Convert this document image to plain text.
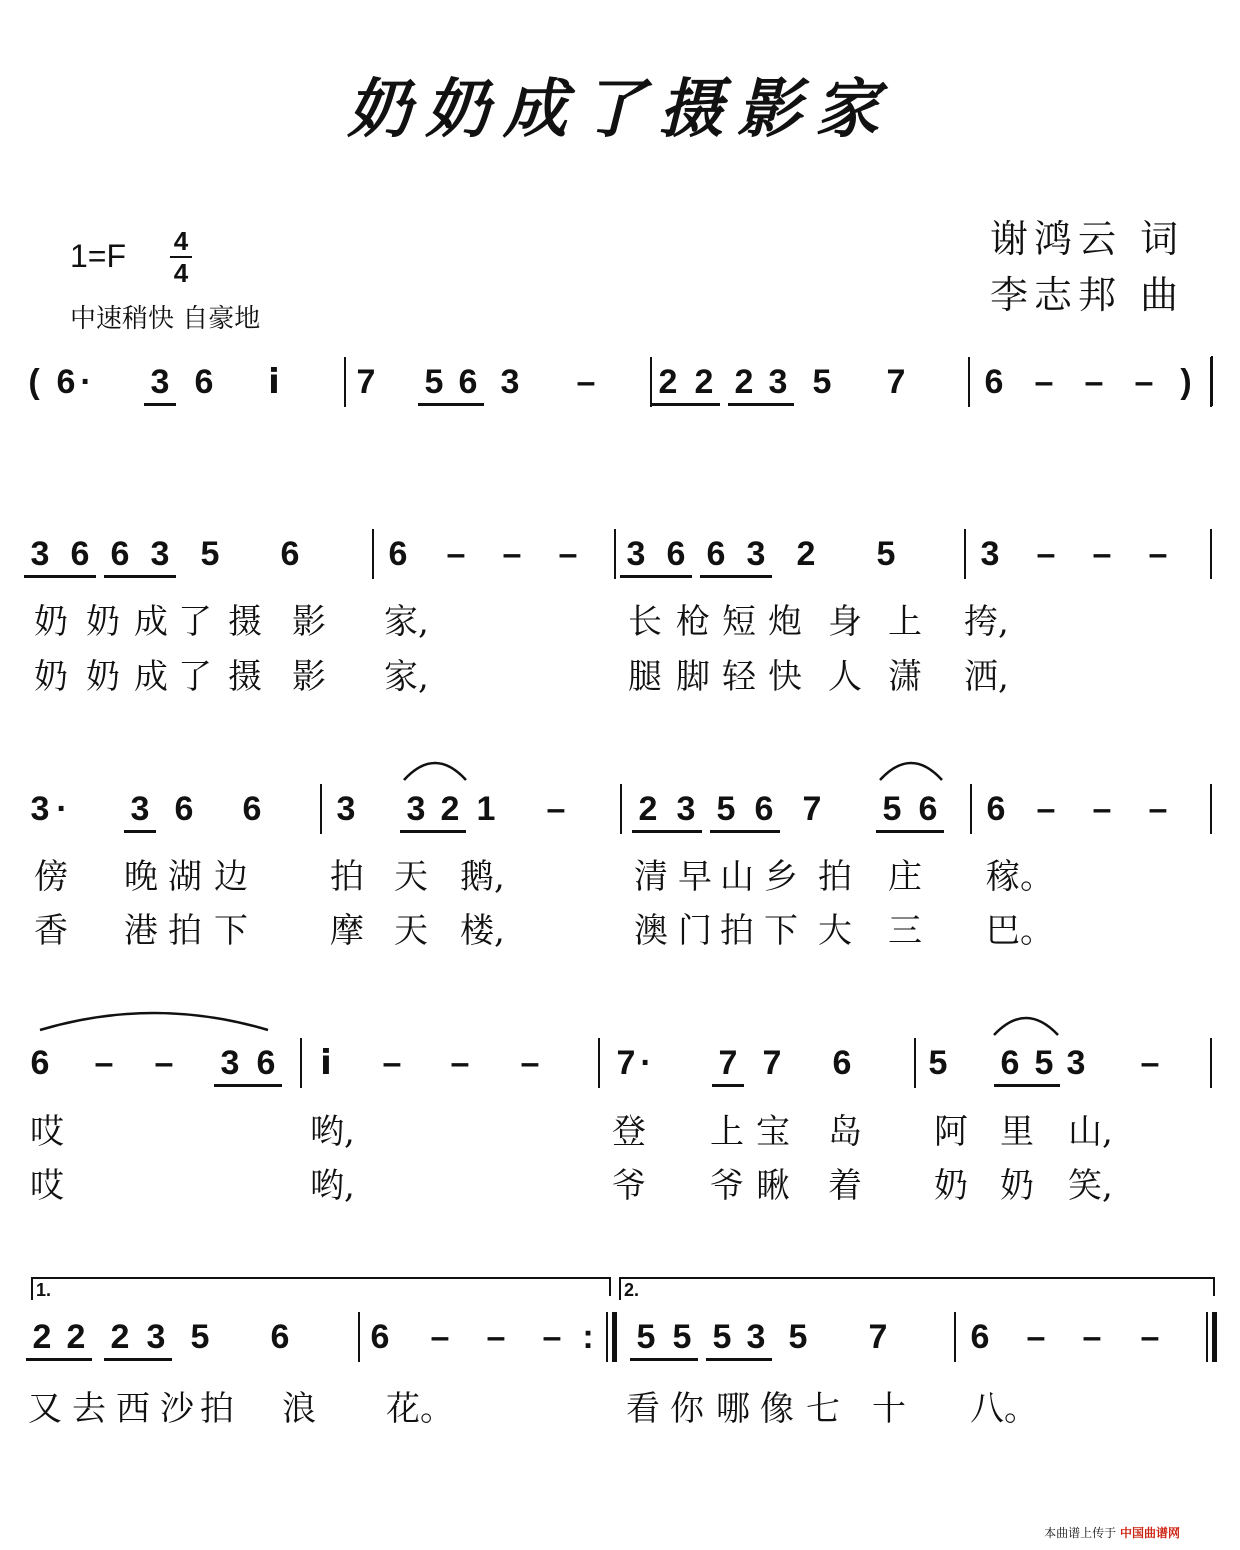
奶奶成了摄影家
谢鸿云 词
李志邦 曲
1=F 4
4
中速稍快 自豪地
1.	2.
( 6 ·	3 6	i	7 5 6 3 – 2 2 2 3 5 7 6 – – – )
3 6 6 3 5 6	6 – – – 3 6 6 3 2 5	3 – – –
奶 奶 成 了 摄 影 家,	长 枪 短 炮 身 上 挎,
奶 奶 成 了 摄 影 家,	腿 脚 轻 快 人 潇 洒,
3 ·	3 6 6 3 3 2 1 – 2 3 5 6 7 5 6 6 – – –
傍 晚 湖 边 拍 天 鹅,	清 早 山 乡 拍 庄 稼。
香 港 拍 下 摩 天 楼,	澳 门 拍 下 大 三 巴。
6 – – 3 6	i	– – – 7 ·	7 7 6 5 6 5 3 –
哎	哟,	登 上 宝 岛 阿 里 山,
哎	哟,	爷 爷 瞅 着 奶 奶 笑,
2 2 2 3 5 6 6 – – – :	5 5 5 3 5 7 6 – – –
又 去 西 沙 拍 浪 花。	看 你 哪 像 七 十 八。
本曲谱上传于 中国曲谱网
